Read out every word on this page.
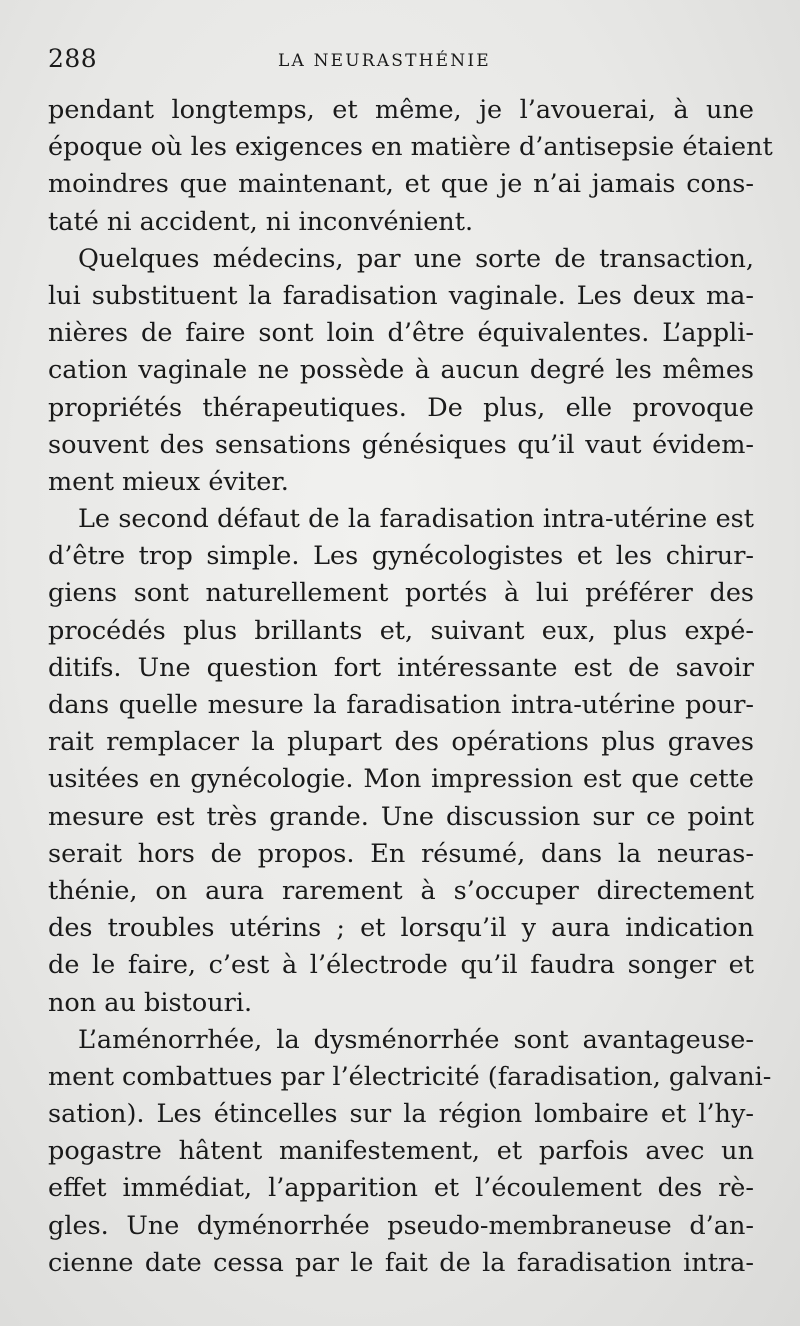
288	LA NEURASTHÉNIE
pendant longtemps, et même, je l’avouerai, à une
époque où les exigences en matière d’antisepsie étaient
moindres que maintenant, et que je n’ai jamais cons-
taté ni accident, ni inconvénient.
Quelques médecins, par une sorte de transaction,
lui substituent la faradisation vaginale. Les deux ma-
nières de faire sont loin d’être équivalentes. L’appli-
cation vaginale ne possède à aucun degré les mêmes
propriétés thérapeutiques. De plus, elle provoque
souvent des sensations génésiques qu’il vaut évidem-
ment mieux éviter.
Le second défaut de la faradisation intra-utérine est
d’être trop simple. Les gynécologistes et les chirur-
giens sont naturellement portés à lui préférer des
procédés plus brillants et, suivant eux, plus expé-
ditifs. Une question fort intéressante est de savoir
dans quelle mesure la faradisation intra-utérine pour-
rait remplacer la plupart des opérations plus graves
usitées en gynécologie. Mon impression est que cette
mesure est très grande. Une discussion sur ce point
serait hors de propos. En résumé, dans la neuras-
thénie, on aura rarement à s’occuper directement
des troubles utérins ; et lorsqu’il y aura indication
de le faire, c’est à l’électrode qu’il faudra songer et
non au bistouri.
L’aménorrhée, la dysménorrhée sont avantageuse-
ment combattues par l’électricité (faradisation, galvani-
sation). Les étincelles sur la région lombaire et l’hy-
pogastre hâtent manifestement, et parfois avec un
effet immédiat, l’apparition et l’écoulement des rè-
gles. Une dyménorrhée pseudo-membraneuse d’an-
cienne date cessa par le fait de la faradisation intra-
